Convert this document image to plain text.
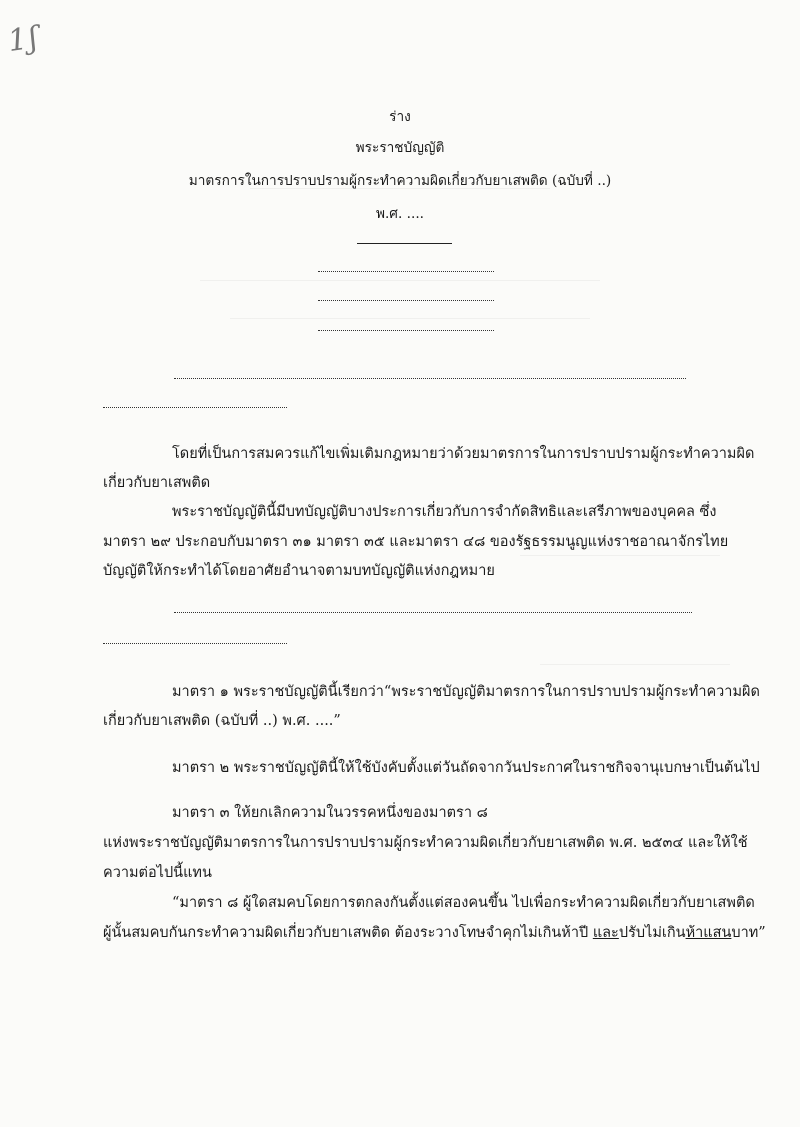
1ʃ
ร่าง
พระราชบัญญัติ
มาตรการในการปราบปรามผู้กระทำความผิดเกี่ยวกับยาเสพติด (ฉบับที่ ..)
พ.ศ. ....
โดยที่เป็นการสมควรแก้ไขเพิ่มเติมกฎหมายว่าด้วยมาตรการในการปราบปรามผู้กระทำความผิด
เกี่ยวกับยาเสพติด
พระราชบัญญัตินี้มีบทบัญญัติบางประการเกี่ยวกับการจำกัดสิทธิและเสรีภาพของบุคคล ซึ่ง
มาตรา ๒๙ ประกอบกับมาตรา ๓๑ มาตรา ๓๕ และมาตรา ๔๘ ของรัฐธรรมนูญแห่งราชอาณาจักรไทย
บัญญัติให้กระทำได้โดยอาศัยอำนาจตามบทบัญญัติแห่งกฎหมาย
มาตรา ๑ พระราชบัญญัตินี้เรียกว่า“พระราชบัญญัติมาตรการในการปราบปรามผู้กระทำความผิด
เกี่ยวกับยาเสพติด (ฉบับที่ ..) พ.ศ. ....”
มาตรา ๒ พระราชบัญญัตินี้ให้ใช้บังคับตั้งแต่วันถัดจากวันประกาศในราชกิจจานุเบกษาเป็นต้นไป
มาตรา ๓ ให้ยกเลิกความในวรรคหนึ่งของมาตรา ๘
แห่งพระราชบัญญัติมาตรการในการปราบปรามผู้กระทำความผิดเกี่ยวกับยาเสพติด พ.ศ. ๒๕๓๔ และให้ใช้
ความต่อไปนี้แทน
“มาตรา ๘ ผู้ใดสมคบโดยการตกลงกันตั้งแต่สองคนขึ้น ไปเพื่อกระทำความผิดเกี่ยวกับยาเสพติด
ผู้นั้นสมคบกันกระทำความผิดเกี่ยวกับยาเสพติด ต้องระวางโทษจำคุกไม่เกินห้าปี และปรับไม่เกินห้าแสนบาท”
